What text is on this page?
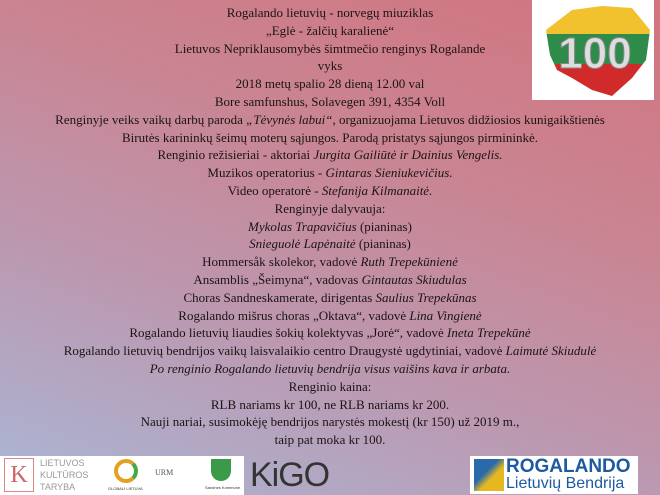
Rogalando lietuvių - norvegų miuziklas
„Eglė - žalčių karalienė“
Lietuvos Nepriklausomybės šimtmečio renginys Rogalande
vyks
2018 metų spalio 28 dieną 12.00 val
Bore samfunshus, Solavegen 391, 4354 Voll
Renginyje veiks vaikų darbų paroda „Tėvynės labui“, organizuojama Lietuvos didžiosios kunigaikštienės
Birutės karininkų šeimų moterų sąjungos. Parodą pristatys sąjungos pirmininkė.
Renginio režisieriai - aktoriai Jurgita Gailiūtė ir Dainius Vengelis.
Muzikos operatorius - Gintaras Sieniukevičius.
Video operatorė - Stefanija Kilmanaitė.
Renginyje dalyvauja:
Mykolas Trapavičius (pianinas)
Snieguolė Lapėnaitė (pianinas)
Hommersåk skolekor, vadovė Ruth Trepekūnienė
Ansamblis „Šeimyna“, vadovas Gintautas Skiudulas
Choras Sandneskamerate, dirigentas Saulius Trepekūnas
Rogalando mišrus choras „Oktava“, vadovė Lina Vingienė
Rogalando lietuvių liaudies šokių kolektyvas „Jorė“, vadovė Ineta Trepekūnė
Rogalando lietuvių bendrijos vaikų laisvalaikio centro Draugystė ugdytiniai, vadovė Laimutė Skiudulė
Po renginio Rogalando lietuvių bendrija visus vaišins kava ir arbata.
Renginio kaina:
RLB nariams kr 100, ne RLB nariams kr 200.
Nauji nariai, susimokėję bendrijos narystės mokestį (kr 150) už 2019 m.,
taip pat moka kr 100.
100
K	LIETUVOS
KULTŪROS
TARYBA	GLOBALI LIETUVA
URM
Sandnes Kommune KiGO	ROGALANDO
Lietuvių Bendrija
